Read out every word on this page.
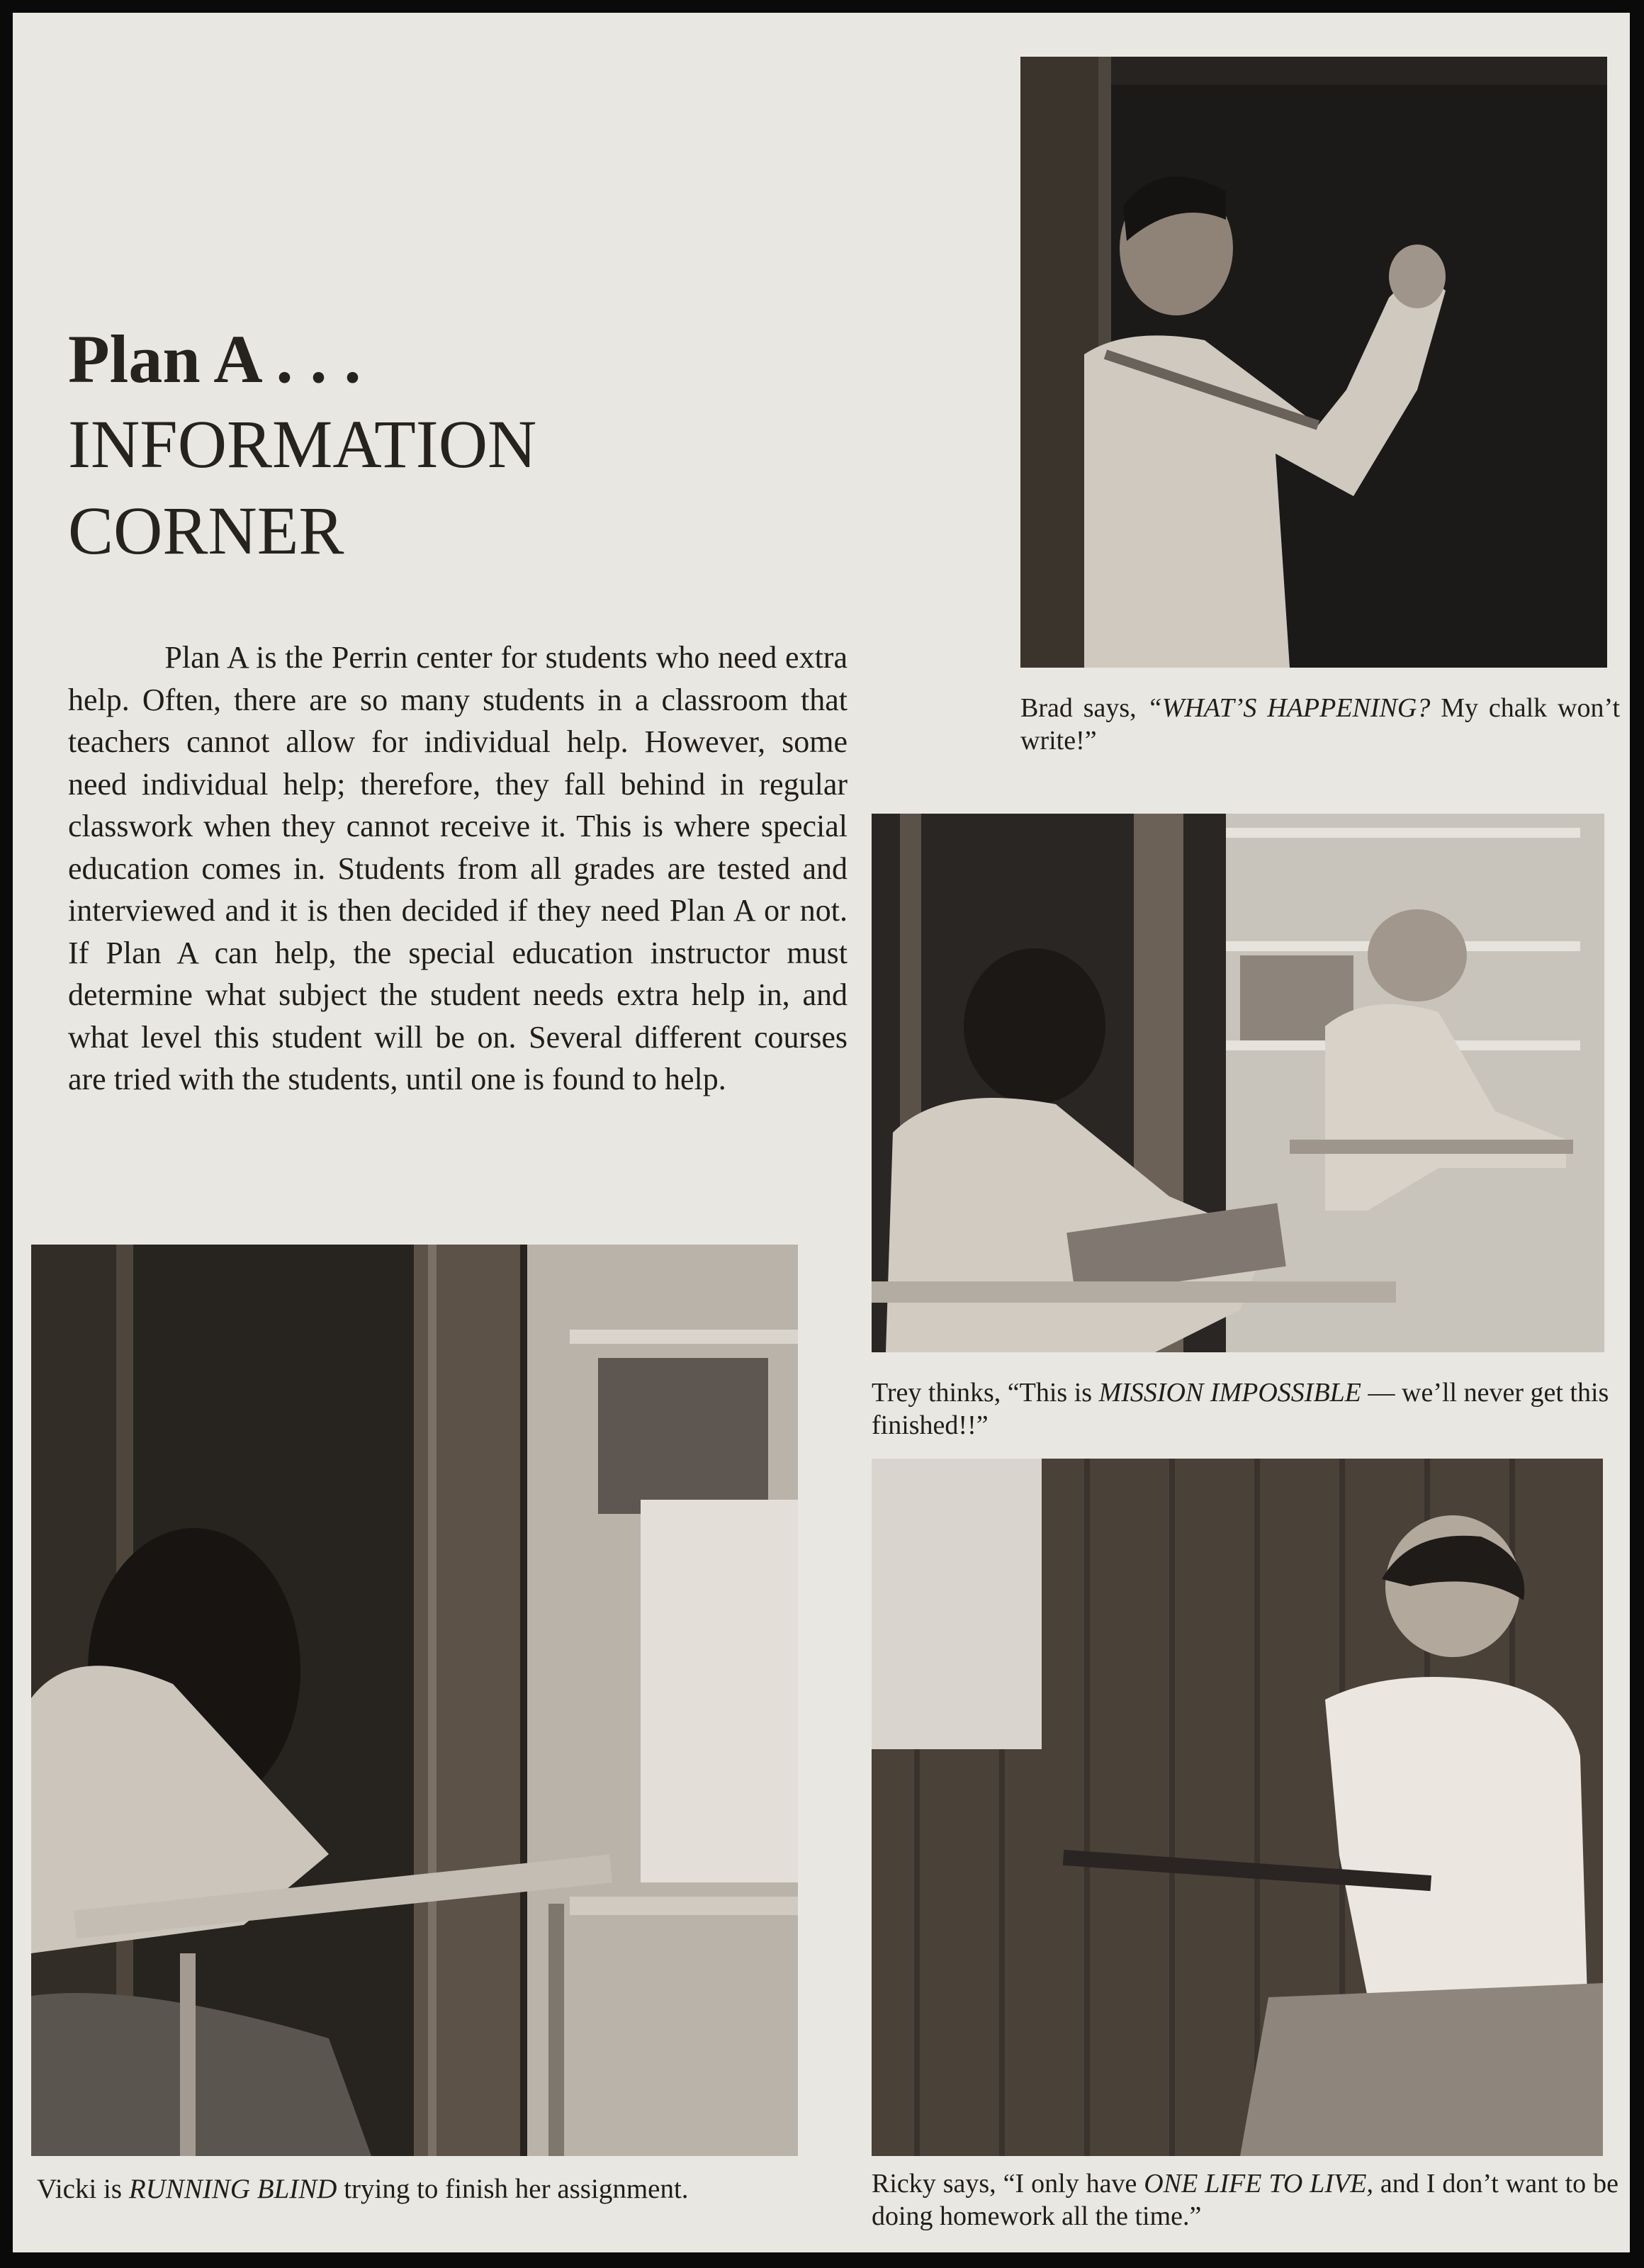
Plan A . . .
INFORMATION
CORNER

Plan A is the Perrin center for students who need extra help. Often, there are so many students in a classroom that teachers cannot allow for individual help. However, some need individual help; therefore, they fall behind in regular classwork when they cannot receive it. This is where special education comes in. Students from all grades are tested and interviewed and it is then decided if they need Plan A or not. If Plan A can help, the special education instructor must determine what subject the student needs extra help in, and what level this student will be on. Several different courses are tried with the students, until one is found to help.

Brad says, “WHAT’S HAPPENING? My chalk won’t write!”

Trey thinks, “This is MISSION IMPOSSIBLE — we’ll never get this finished!!”

Ricky says, “I only have ONE LIFE TO LIVE, and I don’t want to be doing homework all the time.”

Vicki is RUNNING BLIND trying to finish her assignment.
